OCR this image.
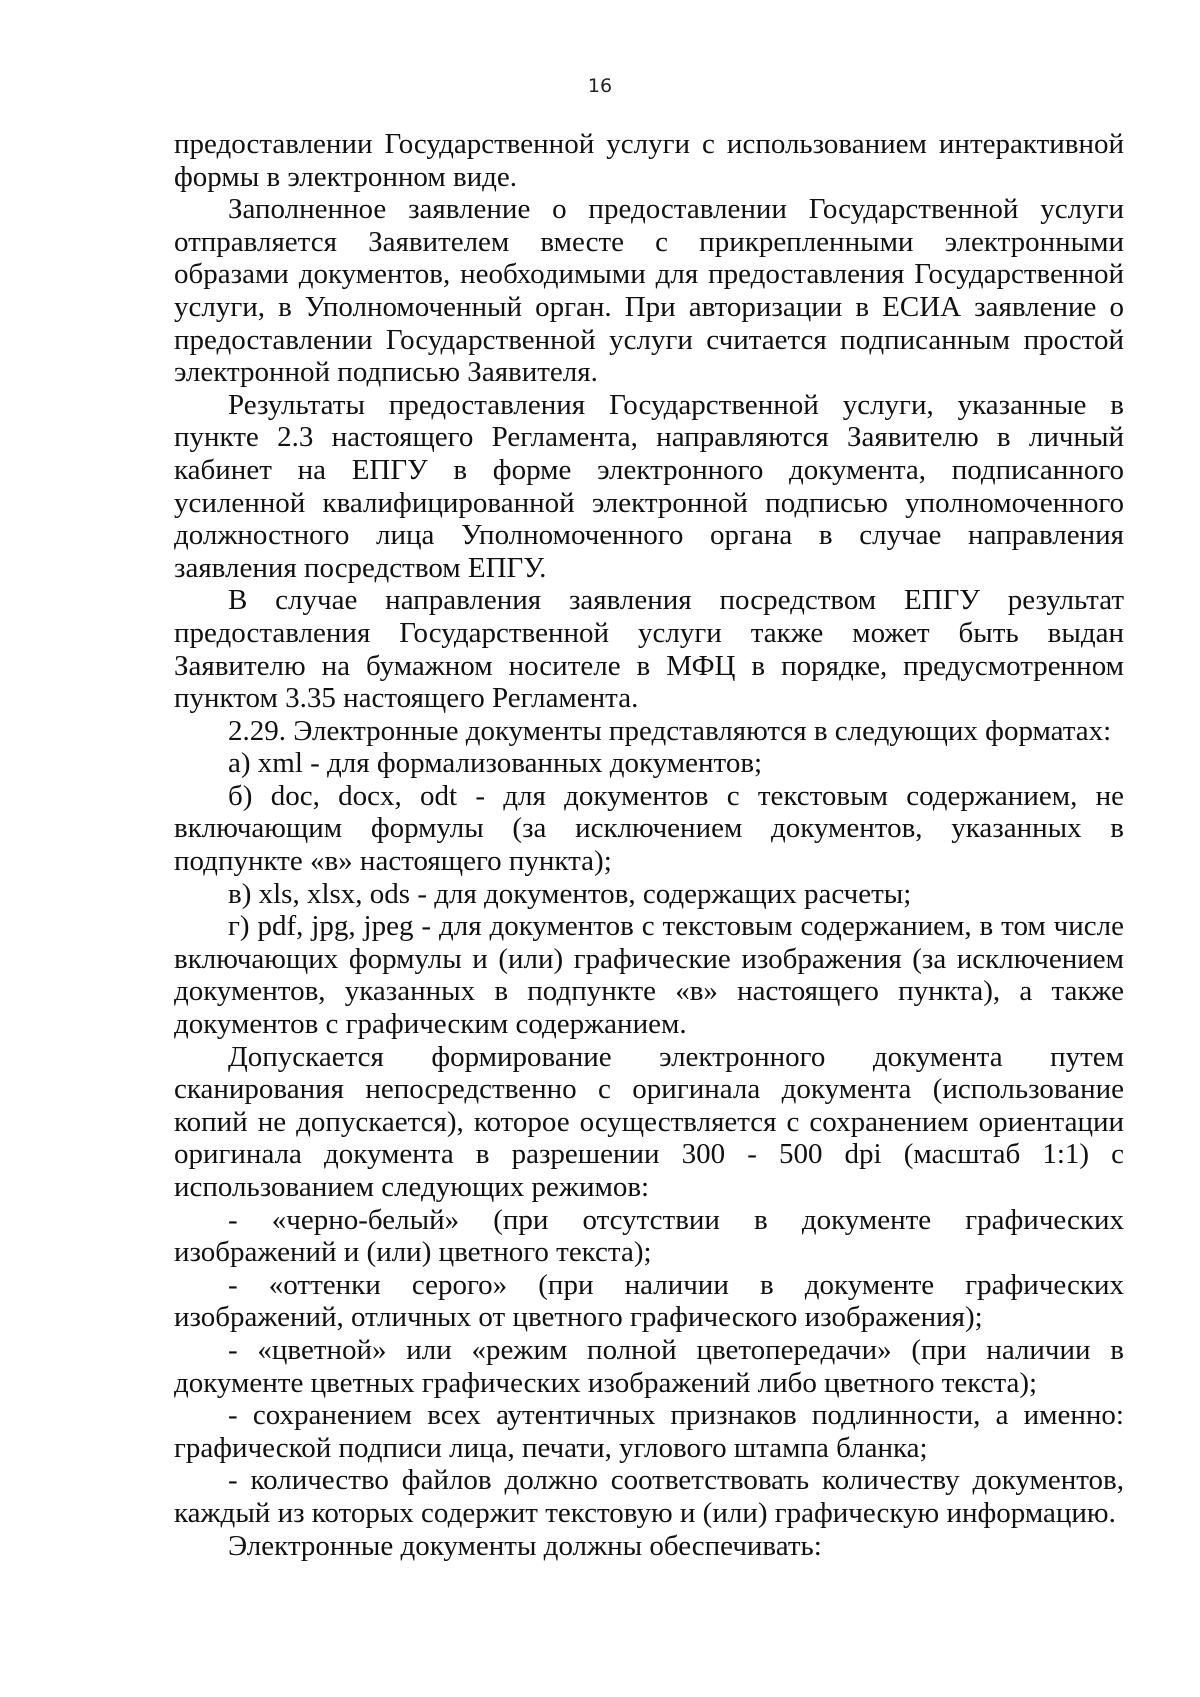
16

предоставлении Государственной услуги с использованием интерактивной формы в электронном виде.

Заполненное заявление о предоставлении Государственной услуги отправляется Заявителем вместе с прикрепленными электронными образами документов, необходимыми для предоставления Государственной услуги, в Уполномоченный орган. При авторизации в ЕСИА заявление о предоставлении Государственной услуги считается подписанным простой электронной подписью Заявителя.

Результаты предоставления Государственной услуги, указанные в пункте 2.3 настоящего Регламента, направляются Заявителю в личный кабинет на ЕПГУ в форме электронного документа, подписанного усиленной квалифицированной электронной подписью уполномоченного должностного лица Уполномоченного органа в случае направления заявления посредством ЕПГУ.

В случае направления заявления посредством ЕПГУ результат предоставления Государственной услуги также может быть выдан Заявителю на бумажном носителе в МФЦ в порядке, предусмотренном пунктом 3.35 настоящего Регламента.

2.29. Электронные документы представляются в следующих форматах:

а) xml - для формализованных документов;

б) doc, docx, odt - для документов с текстовым содержанием, не включающим формулы (за исключением документов, указанных в подпункте «в» настоящего пункта);

в) xls, xlsx, ods - для документов, содержащих расчеты;

г) pdf, jpg, jpeg - для документов с текстовым содержанием, в том числе включающих формулы и (или) графические изображения (за исключением документов, указанных в подпункте «в» настоящего пункта), а также документов с графическим содержанием.

Допускается формирование электронного документа путем сканирования непосредственно с оригинала документа (использование копий не допускается), которое осуществляется с сохранением ориентации оригинала документа в разрешении 300 - 500 dpi (масштаб 1:1) с использованием следующих режимов:

- «черно-белый» (при отсутствии в документе графических изображений и (или) цветного текста);

- «оттенки серого» (при наличии в документе графических изображений, отличных от цветного графического изображения);

- «цветной» или «режим полной цветопередачи» (при наличии в документе цветных графических изображений либо цветного текста);

- сохранением всех аутентичных признаков подлинности, а именно: графической подписи лица, печати, углового штампа бланка;

- количество файлов должно соответствовать количеству документов, каждый из которых содержит текстовую и (или) графическую информацию.

Электронные документы должны обеспечивать:
